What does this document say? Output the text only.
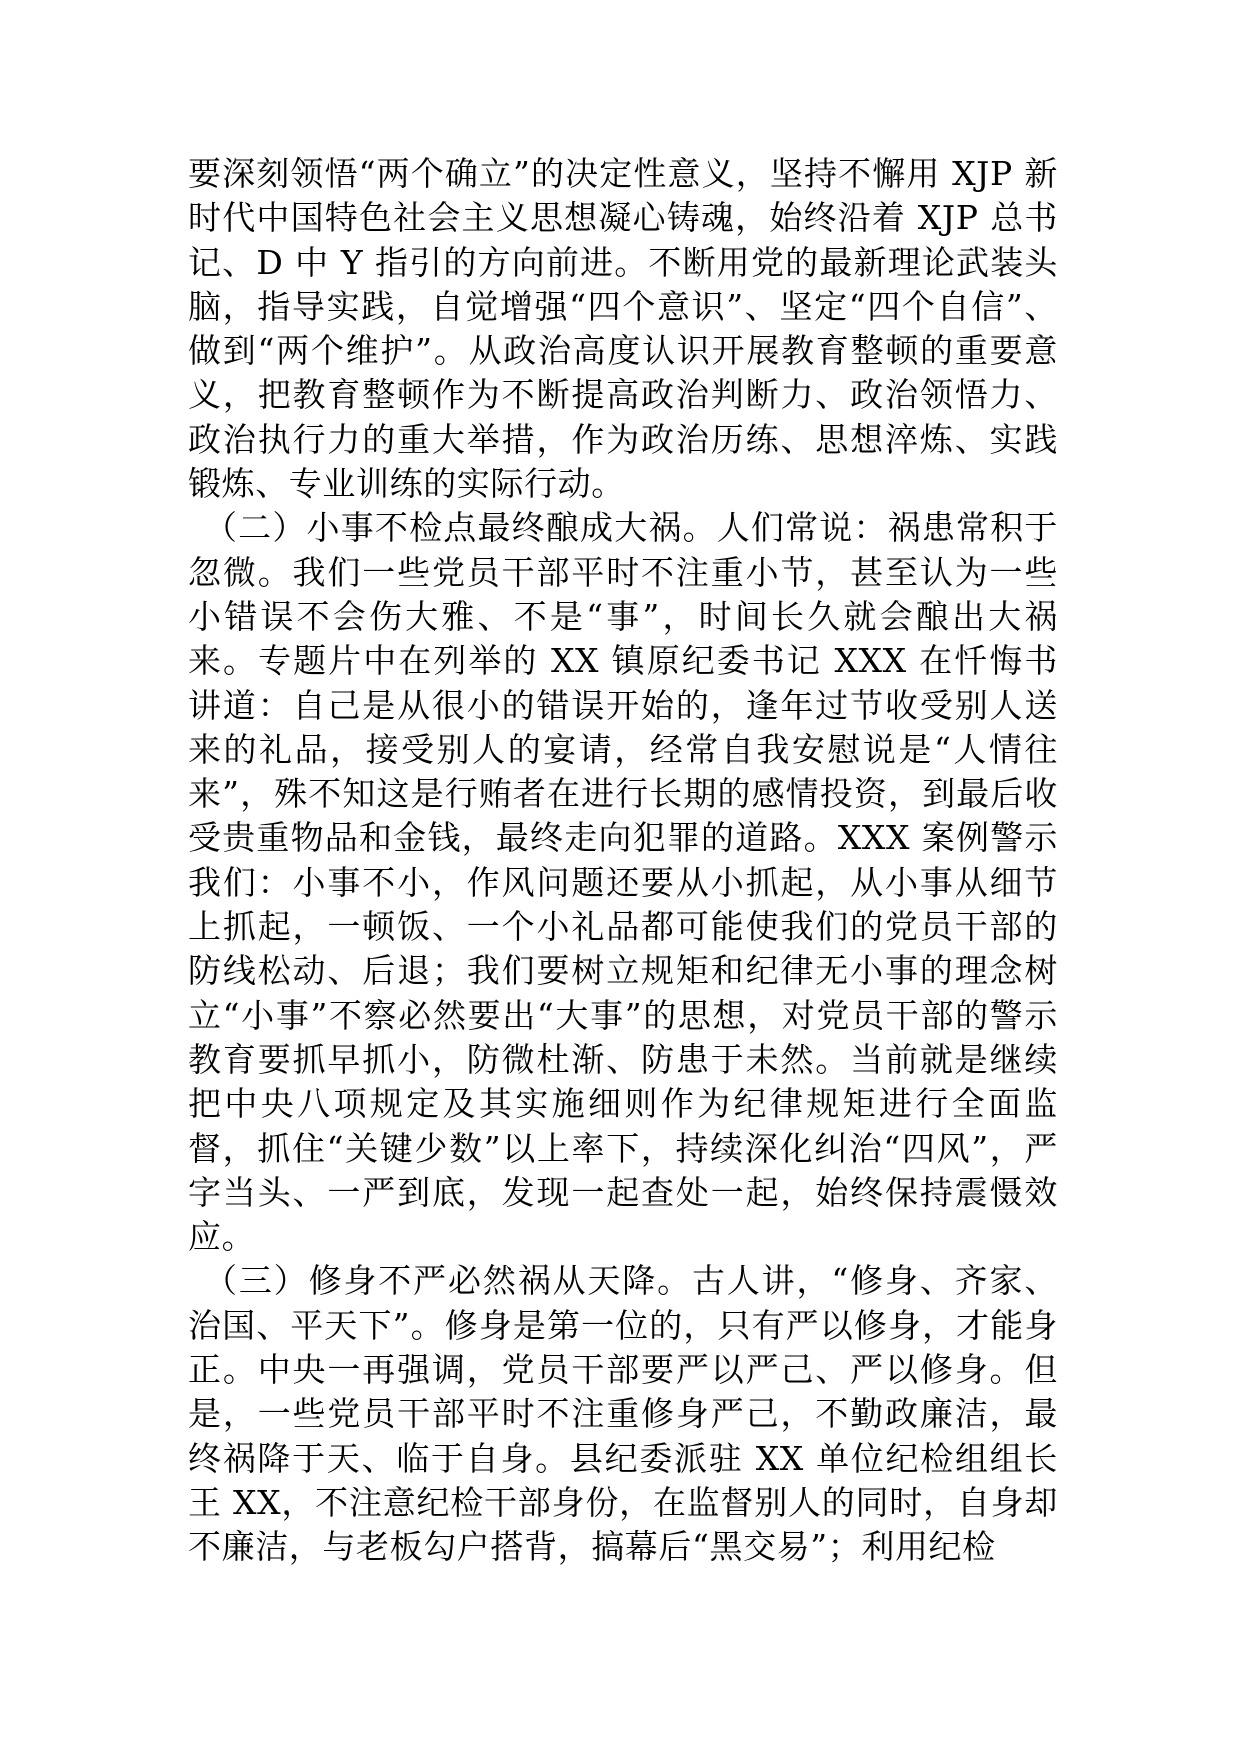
要深刻领悟“两个确立”的决定性意义，坚持不懈用 XJP 新时代中国特色社会主义思想凝心铸魂，始终沿着 XJP 总书记、D 中 Y 指引的方向前进。不断用党的最新理论武装头脑，指导实践，自觉增强“四个意识”、坚定“四个自信”、做到“两个维护”。从政治高度认识开展教育整顿的重要意义，把教育整顿作为不断提高政治判断力、政治领悟力、政治执行力的重大举措，作为政治历练、思想淬炼、实践锻炼、专业训练的实际行动。

（二）小事不检点最终酿成大祸。人们常说：祸患常积于忽微。我们一些党员干部平时不注重小节，甚至认为一些小错误不会伤大雅、不是“事”，时间长久就会酿出大祸来。专题片中在列举的 XX 镇原纪委书记 XXX 在忏悔书讲道：自己是从很小的错误开始的，逢年过节收受别人送来的礼品，接受别人的宴请，经常自我安慰说是“人情往来”，殊不知这是行贿者在进行长期的感情投资，到最后收受贵重物品和金钱，最终走向犯罪的道路。XXX 案例警示我们：小事不小，作风问题还要从小抓起，从小事从细节上抓起，一顿饭、一个小礼品都可能使我们的党员干部的防线松动、后退；我们要树立规矩和纪律无小事的理念树立“小事”不察必然要出“大事”的思想，对党员干部的警示教育要抓早抓小，防微杜渐、防患于未然。当前就是继续把中央八项规定及其实施细则作为纪律规矩进行全面监督，抓住“关键少数”以上率下，持续深化纠治“四风”，严字当头、一严到底，发现一起查处一起，始终保持震慑效应。

（三）修身不严必然祸从天降。古人讲，“修身、齐家、治国、平天下”。修身是第一位的，只有严以修身，才能身正。中央一再强调，党员干部要严以严己、严以修身。但是，一些党员干部平时不注重修身严己，不勤政廉洁，最终祸降于天、临于自身。县纪委派驻 XX 单位纪检组组长王 XX，不注意纪检干部身份，在监督别人的同时，自身却不廉洁，与老板勾户搭背，搞幕后“黑交易”；利用纪检
